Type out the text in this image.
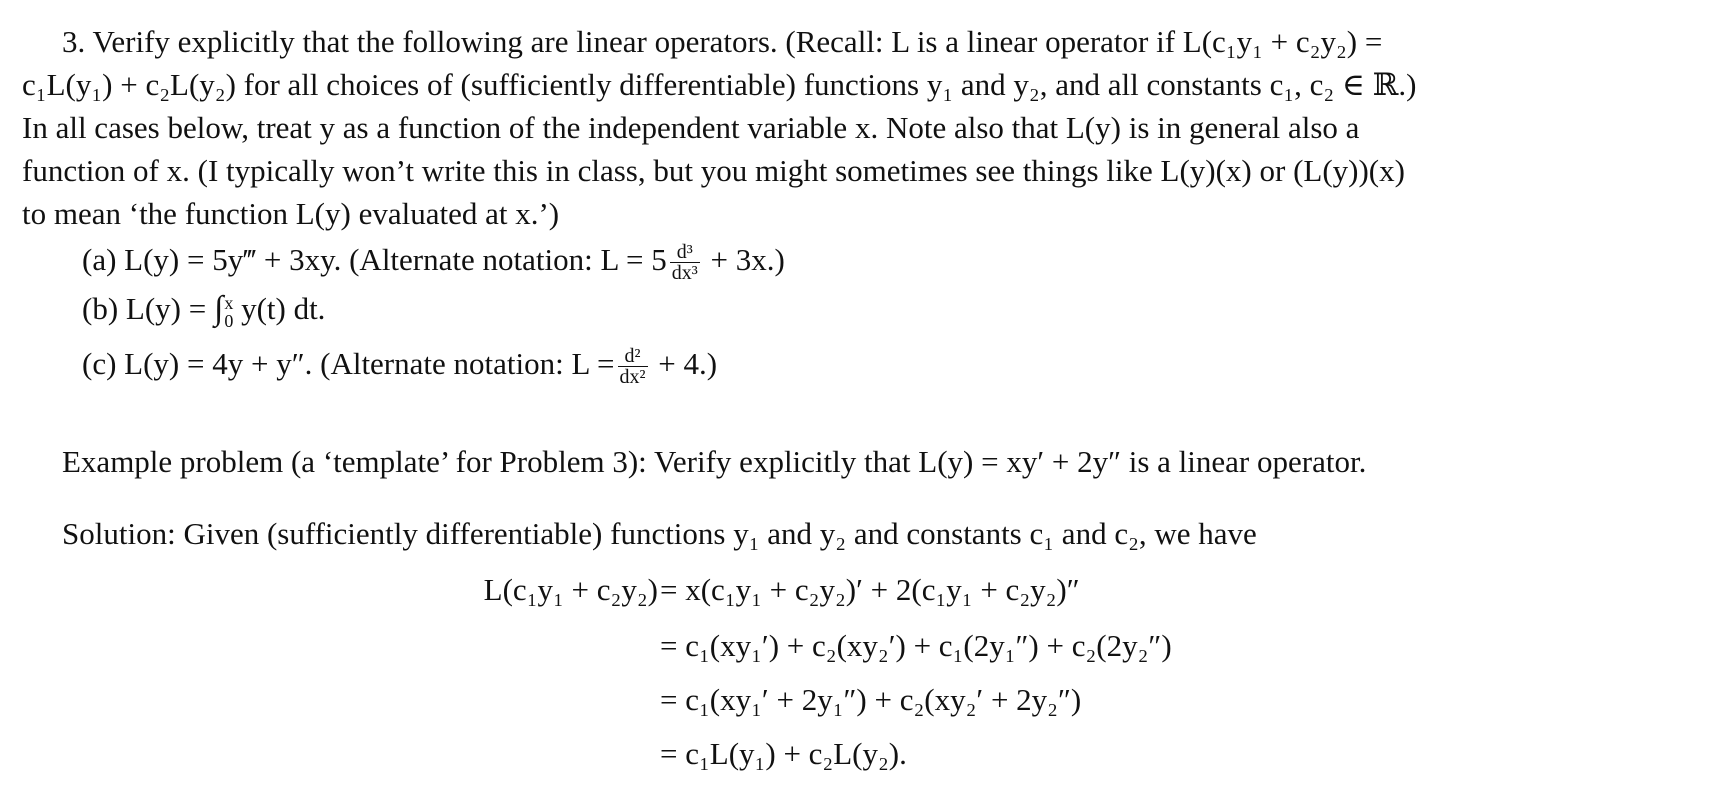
3. Verify explicitly that the following are linear operators. (Recall: L is a linear operator if L(c₁y₁ + c₂y₂) =
c₁L(y₁) + c₂L(y₂) for all choices of (sufficiently differentiable) functions y₁ and y₂, and all constants c₁, c₂ ∈ ℝ.)
In all cases below, treat y as a function of the independent variable x. Note also that L(y) is in general also a
function of x. (I typically won’t write this in class, but you might sometimes see things like L(y)(x) or (L(y))(x)
to mean ‘the function L(y) evaluated at x.’)
(a) L(y) = 5y‴ + 3xy. (Alternate notation: $L = 5 \frac{\text{d³}}{\text{dx³}} + 3x$.)
(b) L(y) = ∫ x
0 y(t) dt.
(c) L(y) = 4y + y″. (Alternate notation: $L = \frac{\text{d²}}{\text{dx²}} + 4$.)
Example problem (a ‘template’ for Problem 3): Verify explicitly that L(y) = xy′ + 2y″ is a linear operator.
Solution: Given (sufficiently differentiable) functions y₁ and y₂ and constants c₁ and c₂, we have
L(c₁y₁ + c₂y₂) = x(c₁y₁ + c₂y₂)′ + 2(c₁y₁ + c₂y₂)″
= c₁(xy₁′) + c₂(xy₂′) + c₁(2y₁″) + c₂(2y₂″)
= c₁(xy₁′ + 2y₁″) + c₂(xy₂′ + 2y₂″)
= c₁L(y₁) + c₂L(y₂).
